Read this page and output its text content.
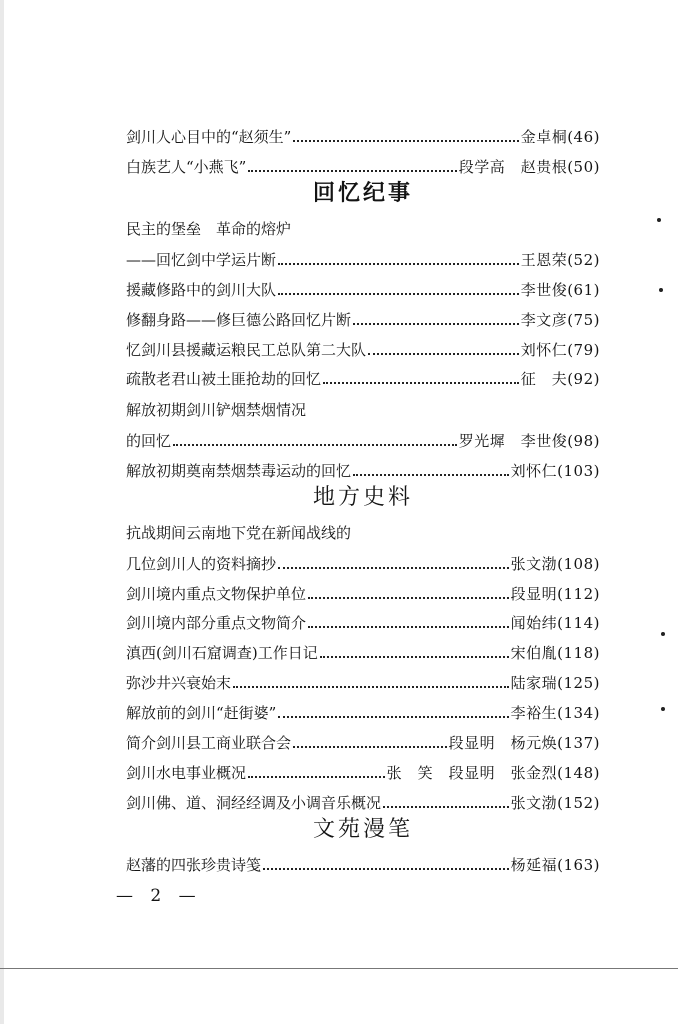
剑川人心目中的“赵须生”	金卓桐(46)
白族艺人“小燕飞”	段学高　赵贵根(50)
回忆纪事
民主的堡垒　革命的熔炉
——回忆剑中学运片断	王恩荣(52)
援藏修路中的剑川大队	李世俊(61)
修翻身路——修巨德公路回忆片断	李文彦(75)
忆剑川县援藏运粮民工总队第二大队	刘怀仁(79)
疏散老君山被土匪抢劫的回忆	征　夫(92)
解放初期剑川铲烟禁烟情况
的回忆	罗光墀　李世俊(98)
解放初期奠南禁烟禁毒运动的回忆	刘怀仁(103)
地方史料
抗战期间云南地下党在新闻战线的
几位剑川人的资料摘抄	张文渤(108)
剑川境内重点文物保护单位	段显明(112)
剑川境内部分重点文物简介	闻始纬(114)
滇西(剑川石窟调查)工作日记	宋伯胤(118)
弥沙井兴衰始末	陆家瑞(125)
解放前的剑川“赶街婆”	李裕生(134)
简介剑川县工商业联合会	段显明　杨元焕(137)
剑川水电事业概况	张　笑　段显明　张金烈(148)
剑川佛、道、洞经经调及小调音乐概况	张文渤(152)
文苑漫笔
赵藩的四张珍贵诗笺	杨延福(163)
— 2 —
